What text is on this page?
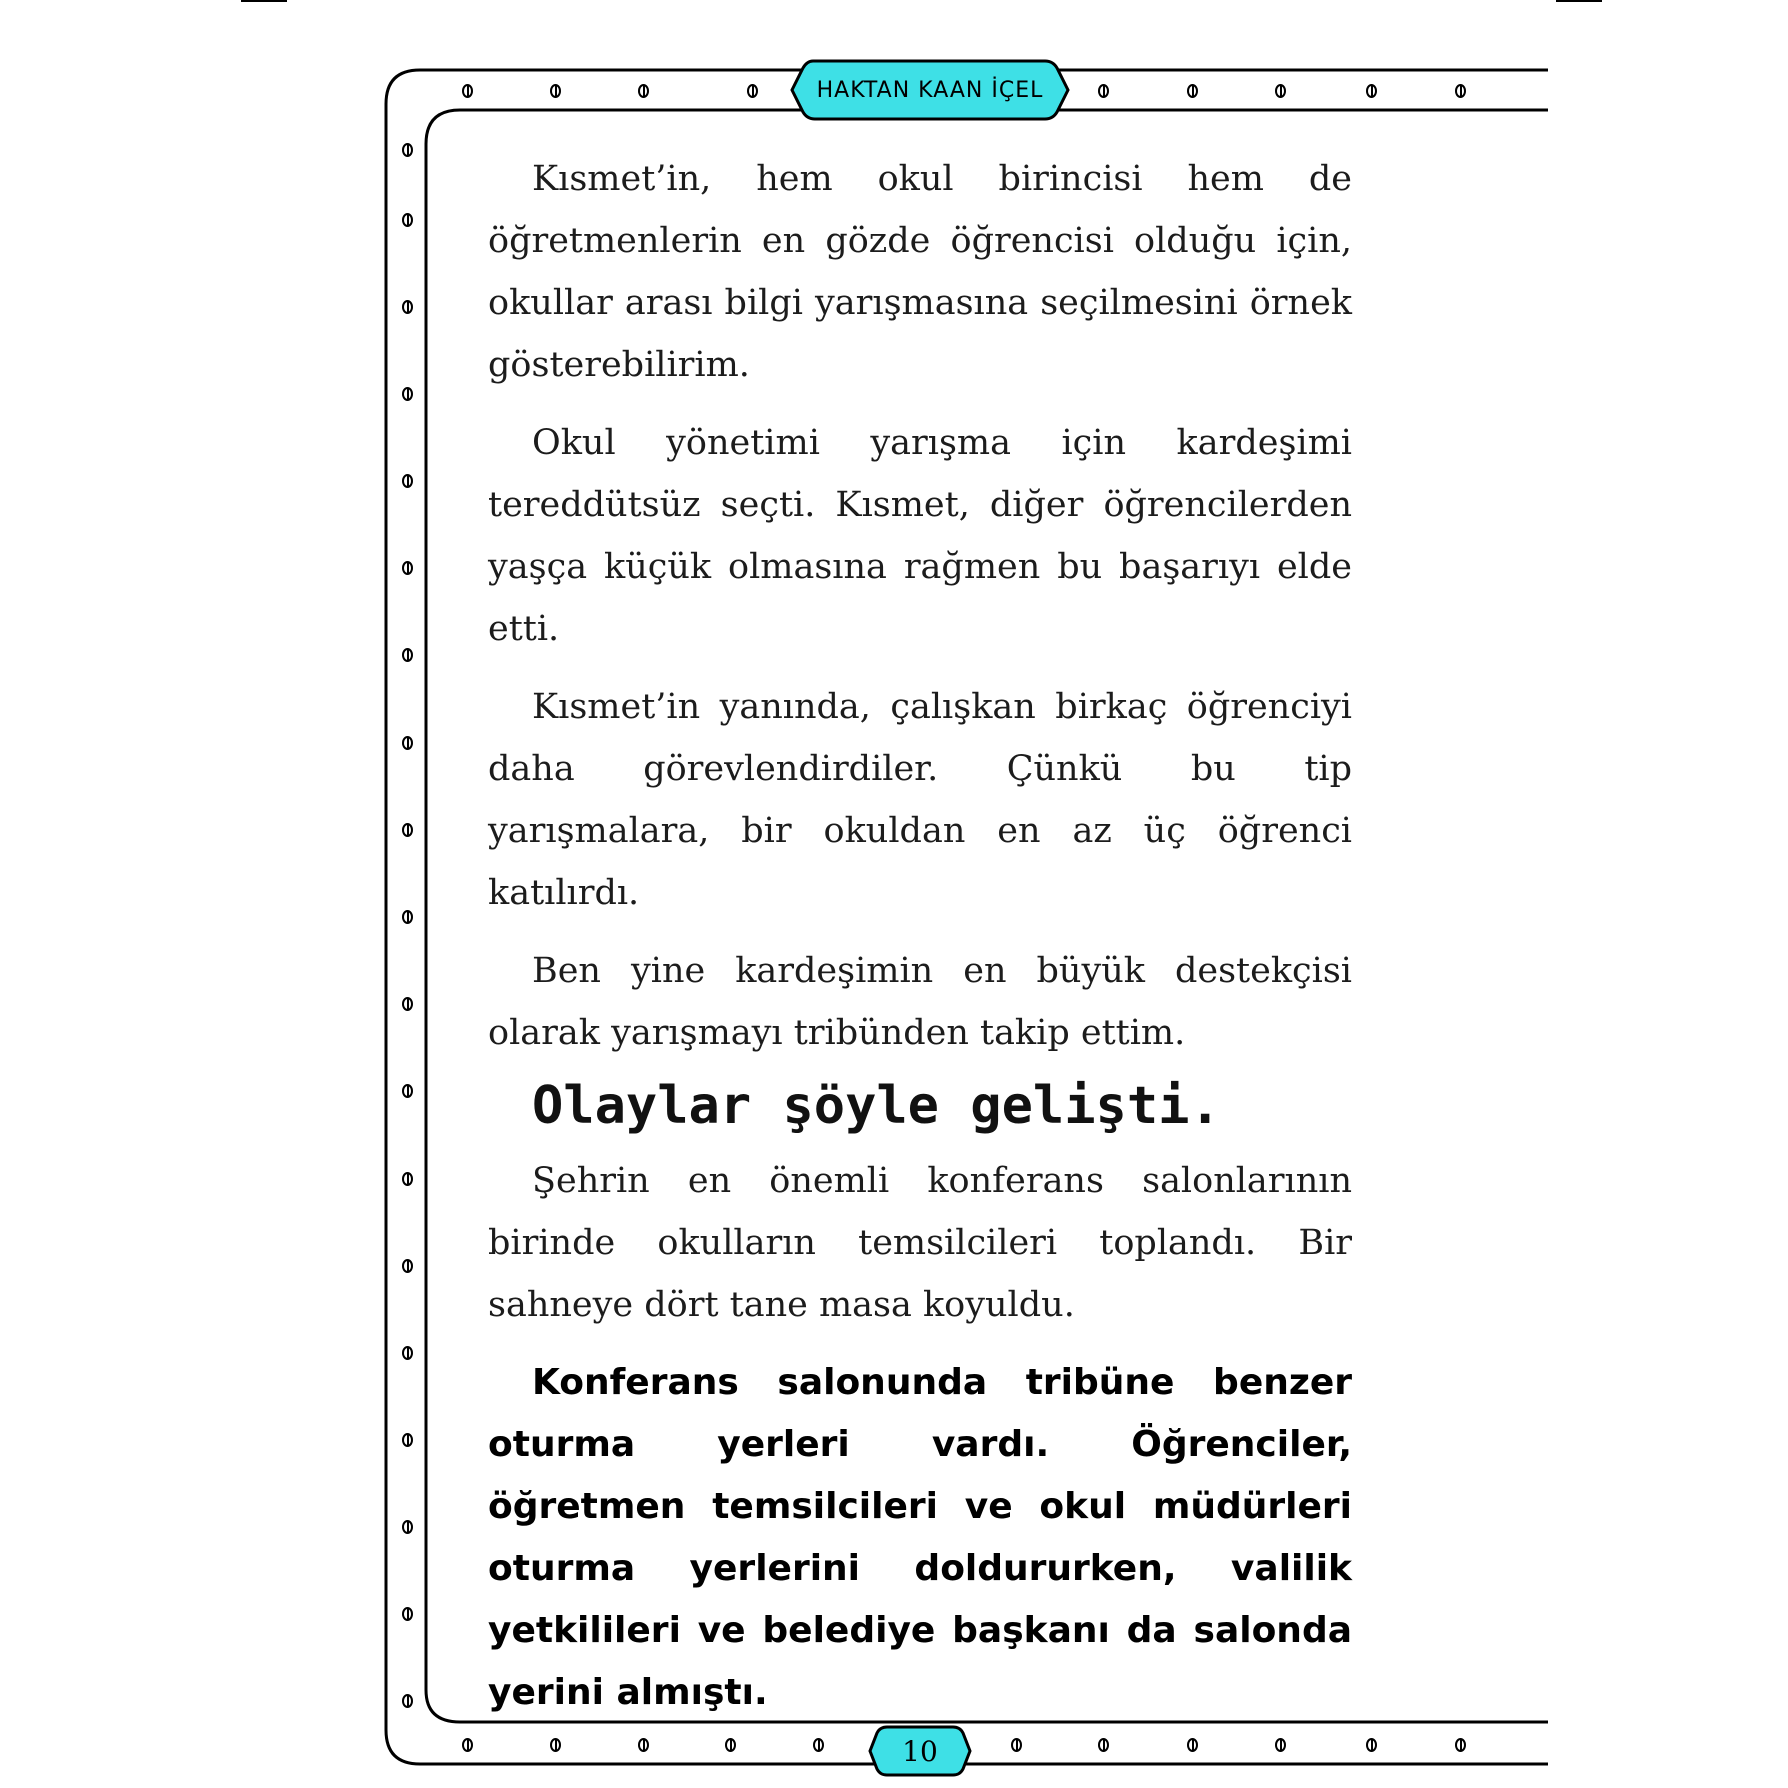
HAKTAN KAAN İÇEL

Kısmet’in, hem okul birincisi hem de öğretmenlerin en gözde öğrencisi olduğu için, okullar arası bilgi yarışmasına seçilmesini örnek gösterebilirim.

Okul yönetimi yarışma için kardeşimi tereddütsüz seçti. Kısmet, diğer öğrencilerden yaşça küçük olmasına rağmen bu başarıyı elde etti.

Kısmet’in yanında, çalışkan birkaç öğrenciyi daha görevlendirdiler. Çünkü bu tip yarışmalara, bir okuldan en az üç öğrenci katılırdı.

Ben yine kardeşimin en büyük destekçisi olarak yarışmayı tribünden takip ettim.

Olaylar şöyle gelişti.

Şehrin en önemli konferans salonlarının birinde okulların temsilcileri toplandı. Bir sahneye dört tane masa koyuldu.

Konferans salonunda tribüne benzer oturma yerleri vardı. Öğrenciler, öğretmen temsilcileri ve okul müdürleri oturma yerlerini doldururken, valilik yetkilileri ve belediye başkanı da salonda yerini almıştı.

10
